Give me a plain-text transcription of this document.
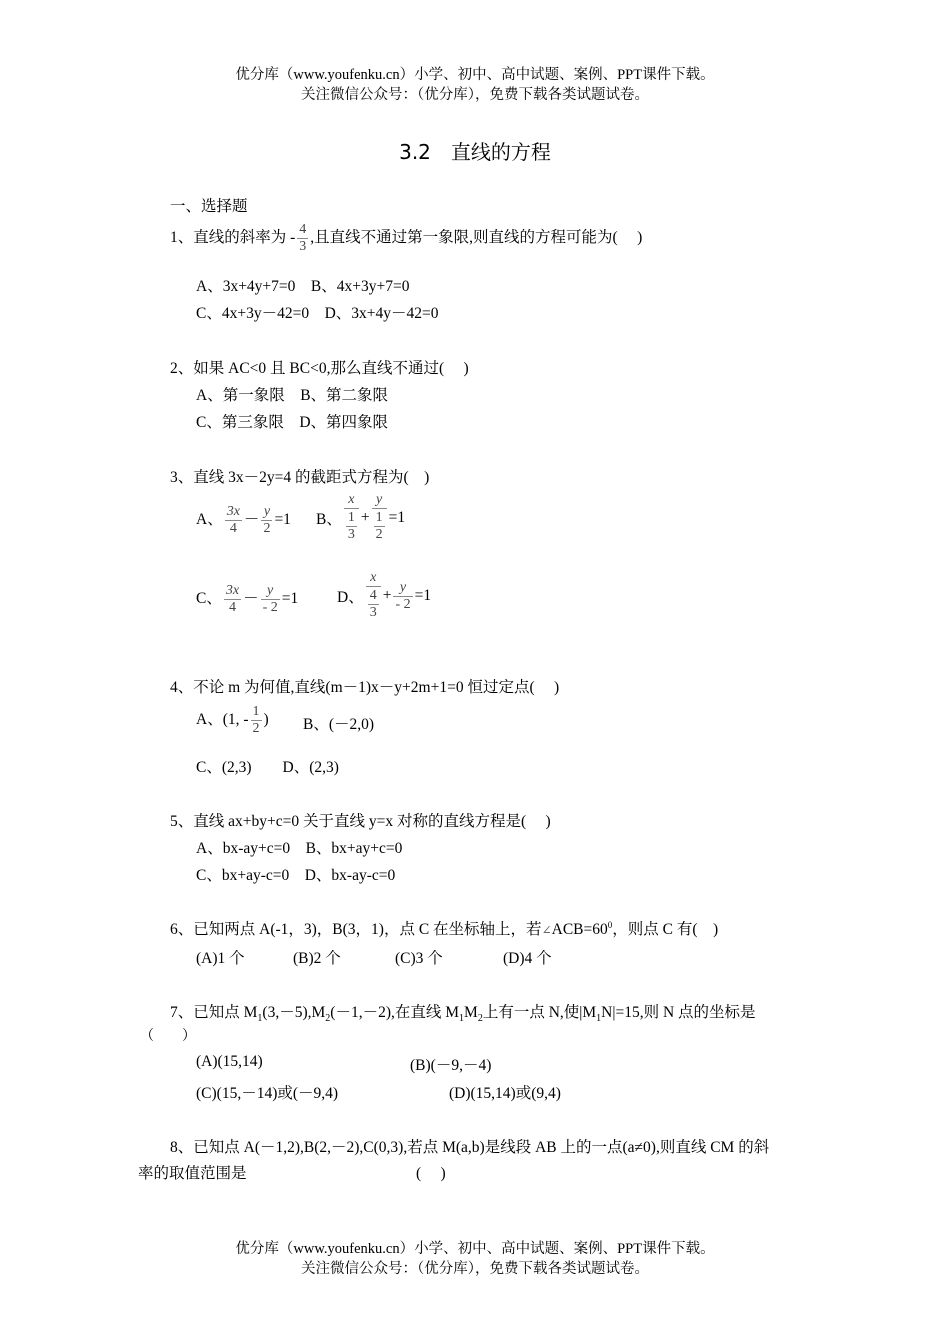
优分库（www.youfenku.cn）小学、初中、高中试题、案例、PPT课件下载。
关注微信公众号：（优分库），免费下载各类试题试卷。
3.2　直线的方程
一、选择题
1、直线的斜率为 - $\frac{4}{3}$ ,且直线不通过第一象限,则直线的方程可能为(　 )
A、3x+4y+7=0　B、4x+3y+7=0
C、4x+3y－42=0　D、3x+4y－42=0
2、如果 AC<0 且 BC<0,那么直线不通过(　 )
A、第一象限　B、第二象限
C、第三象限　D、第四象限
3、直线 3x－2y=4 的截距式方程为(　)
A、 $\frac{3x}{4} - \frac{y}{2} =1$ B、 $\frac{x}{\frac{1}{3}} + \frac{y}{\frac{1}{2}} =1$
C、 $\frac{3x}{4} - \frac{y}{- 2} =1$	D、 $\frac{x}{\frac{4}{3}} + \frac{y}{- 2} =1$
4、不论 m 为何值,直线(m－1)x－y+2m+1=0 恒过定点(　 )
A、(1, - $\frac{1}{2}$ ) B、(－2,0)
C、(2,3)　　D、(2,3)
5、直线 ax+by+c=0 关于直线 y=x 对称的直线方程是(　 )
A、bx-ay+c=0　B、bx+ay+c=0
C、bx+ay-c=0　D、bx-ay-c=0
6、已知两点 A(-1，3)，B(3，1)，点 C 在坐标轴上，若$\angle ACB=60^0$，则点 C 有(　)
(A)1 个	(B)2 个	(C)3 个	(D)4 个
7、已知点 $M_1(3,-5),M_2(-1,-2)$,在直线 $M_1M_2$上有一点 N,使$|M_1N|=15$,则 N 点的坐标是
（　　）
(A)(15,14)	(B)(－9,－4)
(C)(15,－14)或(－9,4)	(D)(15,14)或(9,4)
8、已知点 A(－1,2),B(2,－2),C(0,3),若点 M(a,b)是线段 AB 上的一点(a≠0),则直线 CM 的斜
率的取值范围是	(　 )
优分库（www.youfenku.cn）小学、初中、高中试题、案例、PPT课件下载。
关注微信公众号：（优分库），免费下载各类试题试卷。
